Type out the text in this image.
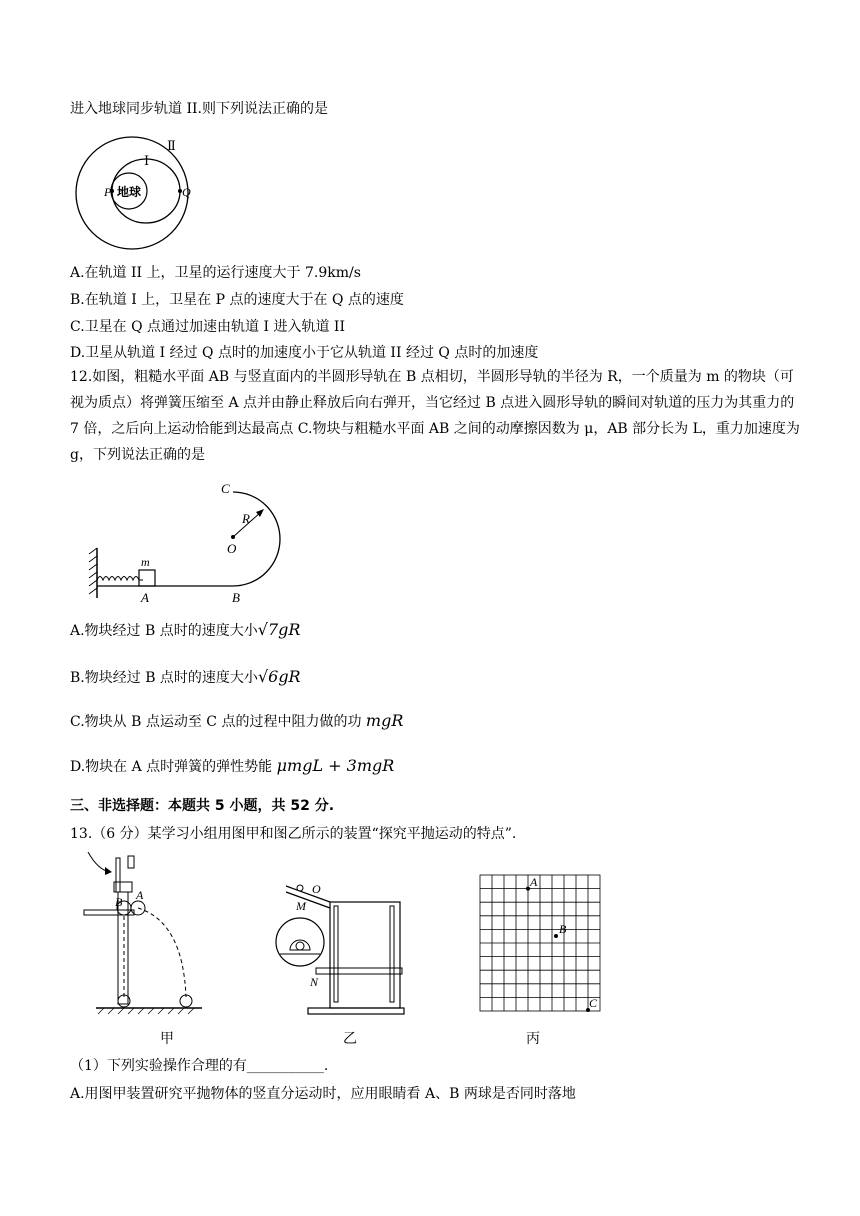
进入地球同步轨道 II.则下列说法正确的是
P	Q
地球
Ⅰ
Ⅱ
A.在轨道 II 上，卫星的运行速度大于 7.9km/s
B.在轨道 I 上，卫星在 P 点的速度大于在 Q 点的速度
C.卫星在 Q 点通过加速由轨道 I 进入轨道 II
D.卫星从轨道 I 经过 Q 点时的加速度小于它从轨道 II 经过 Q 点时的加速度
12.如图，粗糙水平面 AB 与竖直面内的半圆形导轨在 B 点相切，半圆形导轨的半径为 R，一个质量为 m 的物块（可视为质点）将弹簧压缩至 A 点并由静止释放后向右弹开，当它经过 B 点进入圆形导轨的瞬间对轨道的压力为其重力的 7 倍，之后向上运动恰能到达最高点 C.物块与粗糙水平面 AB 之间的动摩擦因数为 μ，AB 部分长为 L，重力加速度为 g，下列说法正确的是
C
R
O
m
A	B
A.物块经过 B 点时的速度大小√7gR
B.物块经过 B 点时的速度大小√6gR
C.物块从 B 点运动至 C 点的过程中阻力做的功 mgR
D.物块在 A 点时弹簧的弹性势能 μmgL + 3mgR
三、非选择题：本题共 5 小题，共 52 分.
13.（6 分）某学习小组用图甲和图乙所示的装置“探究平抛运动的特点”.
B A	O
M
N
A
B
C
甲	乙	丙
（1）下列实验操作合理的有___________.
A.用图甲装置研究平抛物体的竖直分运动时，应用眼睛看 A、B 两球是否同时落地
